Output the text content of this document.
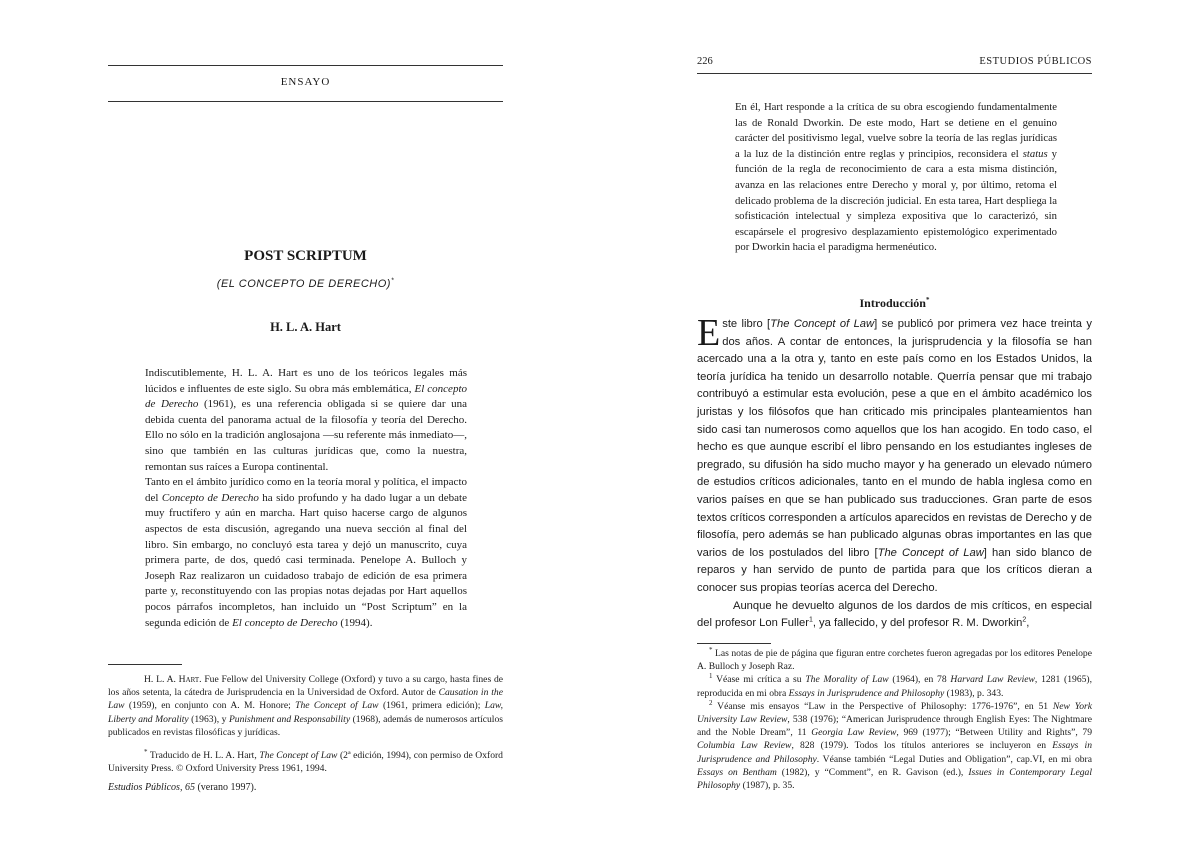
ENSAYO
POST SCRIPTUM
(EL CONCEPTO DE DERECHO)*
H. L. A. Hart

Indiscutiblemente, H. L. A. Hart es uno de los teóricos legales más lúcidos e influentes de este siglo. Su obra más emblemática, El concepto de Derecho (1961), es una referencia obligada si se quiere dar una debida cuenta del panorama actual de la filosofía y teoría del Derecho. Ello no sólo en la tradición anglosajona —su referente más inmediato—, sino que también en las culturas jurídicas que, como la nuestra, remontan sus raíces a Europa continental.

Tanto en el ámbito jurídico como en la teoría moral y política, el impacto del Concepto de Derecho ha sido profundo y ha dado lugar a un debate muy fructífero y aún en marcha. Hart quiso hacerse cargo de algunos aspectos de esta discusión, agregando una nueva sección al final del libro. Sin embargo, no concluyó esta tarea y dejó un manuscrito, cuya primera parte, de dos, quedó casi terminada. Penelope A. Bulloch y Joseph Raz realizaron un cuidadoso trabajo de edición de esa primera parte y, reconstituyendo con las propias notas dejadas por Hart aquellos pocos párrafos incompletos, han incluido un “Post Scriptum” en la segunda edición de El concepto de Derecho (1994).

H. L. A. Hart. Fue Fellow del University College (Oxford) y tuvo a su cargo, hasta fines de los años setenta, la cátedra de Jurisprudencia en la Universidad de Oxford. Autor de Causation in the Law (1959), en conjunto con A. M. Honore; The Concept of Law (1961, primera edición); Law, Liberty and Morality (1963), y Punishment and Responsability (1968), además de numerosos artículos publicados en revistas filosóficas y jurídicas.

* Traducido de H. L. A. Hart, The Concept of Law (2ª edición, 1994), con permiso de Oxford University Press. © Oxford University Press 1961, 1994.

Estudios Públicos, 65 (verano 1997).
226	ESTUDIOS PÚBLICOS

En él, Hart responde a la crítica de su obra escogiendo fundamentalmente las de Ronald Dworkin. De este modo, Hart se detiene en el genuino carácter del positivismo legal, vuelve sobre la teoría de las reglas jurídicas a la luz de la distinción entre reglas y principios, reconsidera el status y función de la regla de reconocimiento de cara a esta misma distinción, avanza en las relaciones entre Derecho y moral y, por último, retoma el delicado problema de la discreción judicial. En esta tarea, Hart despliega la sofisticación intelectual y simpleza expositiva que lo caracterizó, sin escapársele el progresivo desplazamiento epistemológico experimentado por Dworkin hacia el paradigma hermenéutico.

Introducción*

Este libro [The Concept of Law] se publicó por primera vez hace treinta y dos años. A contar de entonces, la jurisprudencia y la filosofía se han acercado una a la otra y, tanto en este país como en los Estados Unidos, la teoría jurídica ha tenido un desarrollo notable. Querría pensar que mi trabajo contribuyó a estimular esta evolución, pese a que en el ámbito académico los juristas y los filósofos que han criticado mis principales planteamientos han sido casi tan numerosos como aquellos que los han acogido. En todo caso, el hecho es que aunque escribí el libro pensando en los estudiantes ingleses de pregrado, su difusión ha sido mucho mayor y ha generado un elevado número de estudios críticos adicionales, tanto en el mundo de habla inglesa como en varios países en que se han publicado sus traducciones. Gran parte de esos textos críticos corresponden a artículos aparecidos en revistas de Derecho y de filosofía, pero además se han publicado algunas obras importantes en las que varios de los postulados del libro [The Concept of Law] han sido blanco de reparos y han servido de punto de partida para que los críticos dieran a conocer sus propias teorías acerca del Derecho.

Aunque he devuelto algunos de los dardos de mis críticos, en especial del profesor Lon Fuller$^1$, ya fallecido, y del profesor R. M. Dworkin$^2$,

* Las notas de pie de página que figuran entre corchetes fueron agregadas por los editores Penelope A. Bulloch y Joseph Raz.

$^1$ Véase mi crítica a su The Morality of Law (1964), en 78 Harvard Law Review, 1281 (1965), reproducida en mi obra Essays in Jurisprudence and Philosophy (1983), p. 343.

$^2$ Véanse mis ensayos “Law in the Perspective of Philosophy: 1776-1976”, en 51 New York University Law Review, 538 (1976); “American Jurisprudence through English Eyes: The Nightmare and the Noble Dream”, 11 Georgia Law Review, 969 (1977); “Between Utility and Rights”, 79 Columbia Law Review, 828 (1979). Todos los títulos anteriores se incluyeron en Essays in Jurisprudence and Philosophy. Véanse también “Legal Duties and Obligation”, cap.VI, en mi obra Essays on Bentham (1982), y “Comment”, en R. Gavison (ed.), Issues in Contemporary Legal Philosophy (1987), p. 35.
